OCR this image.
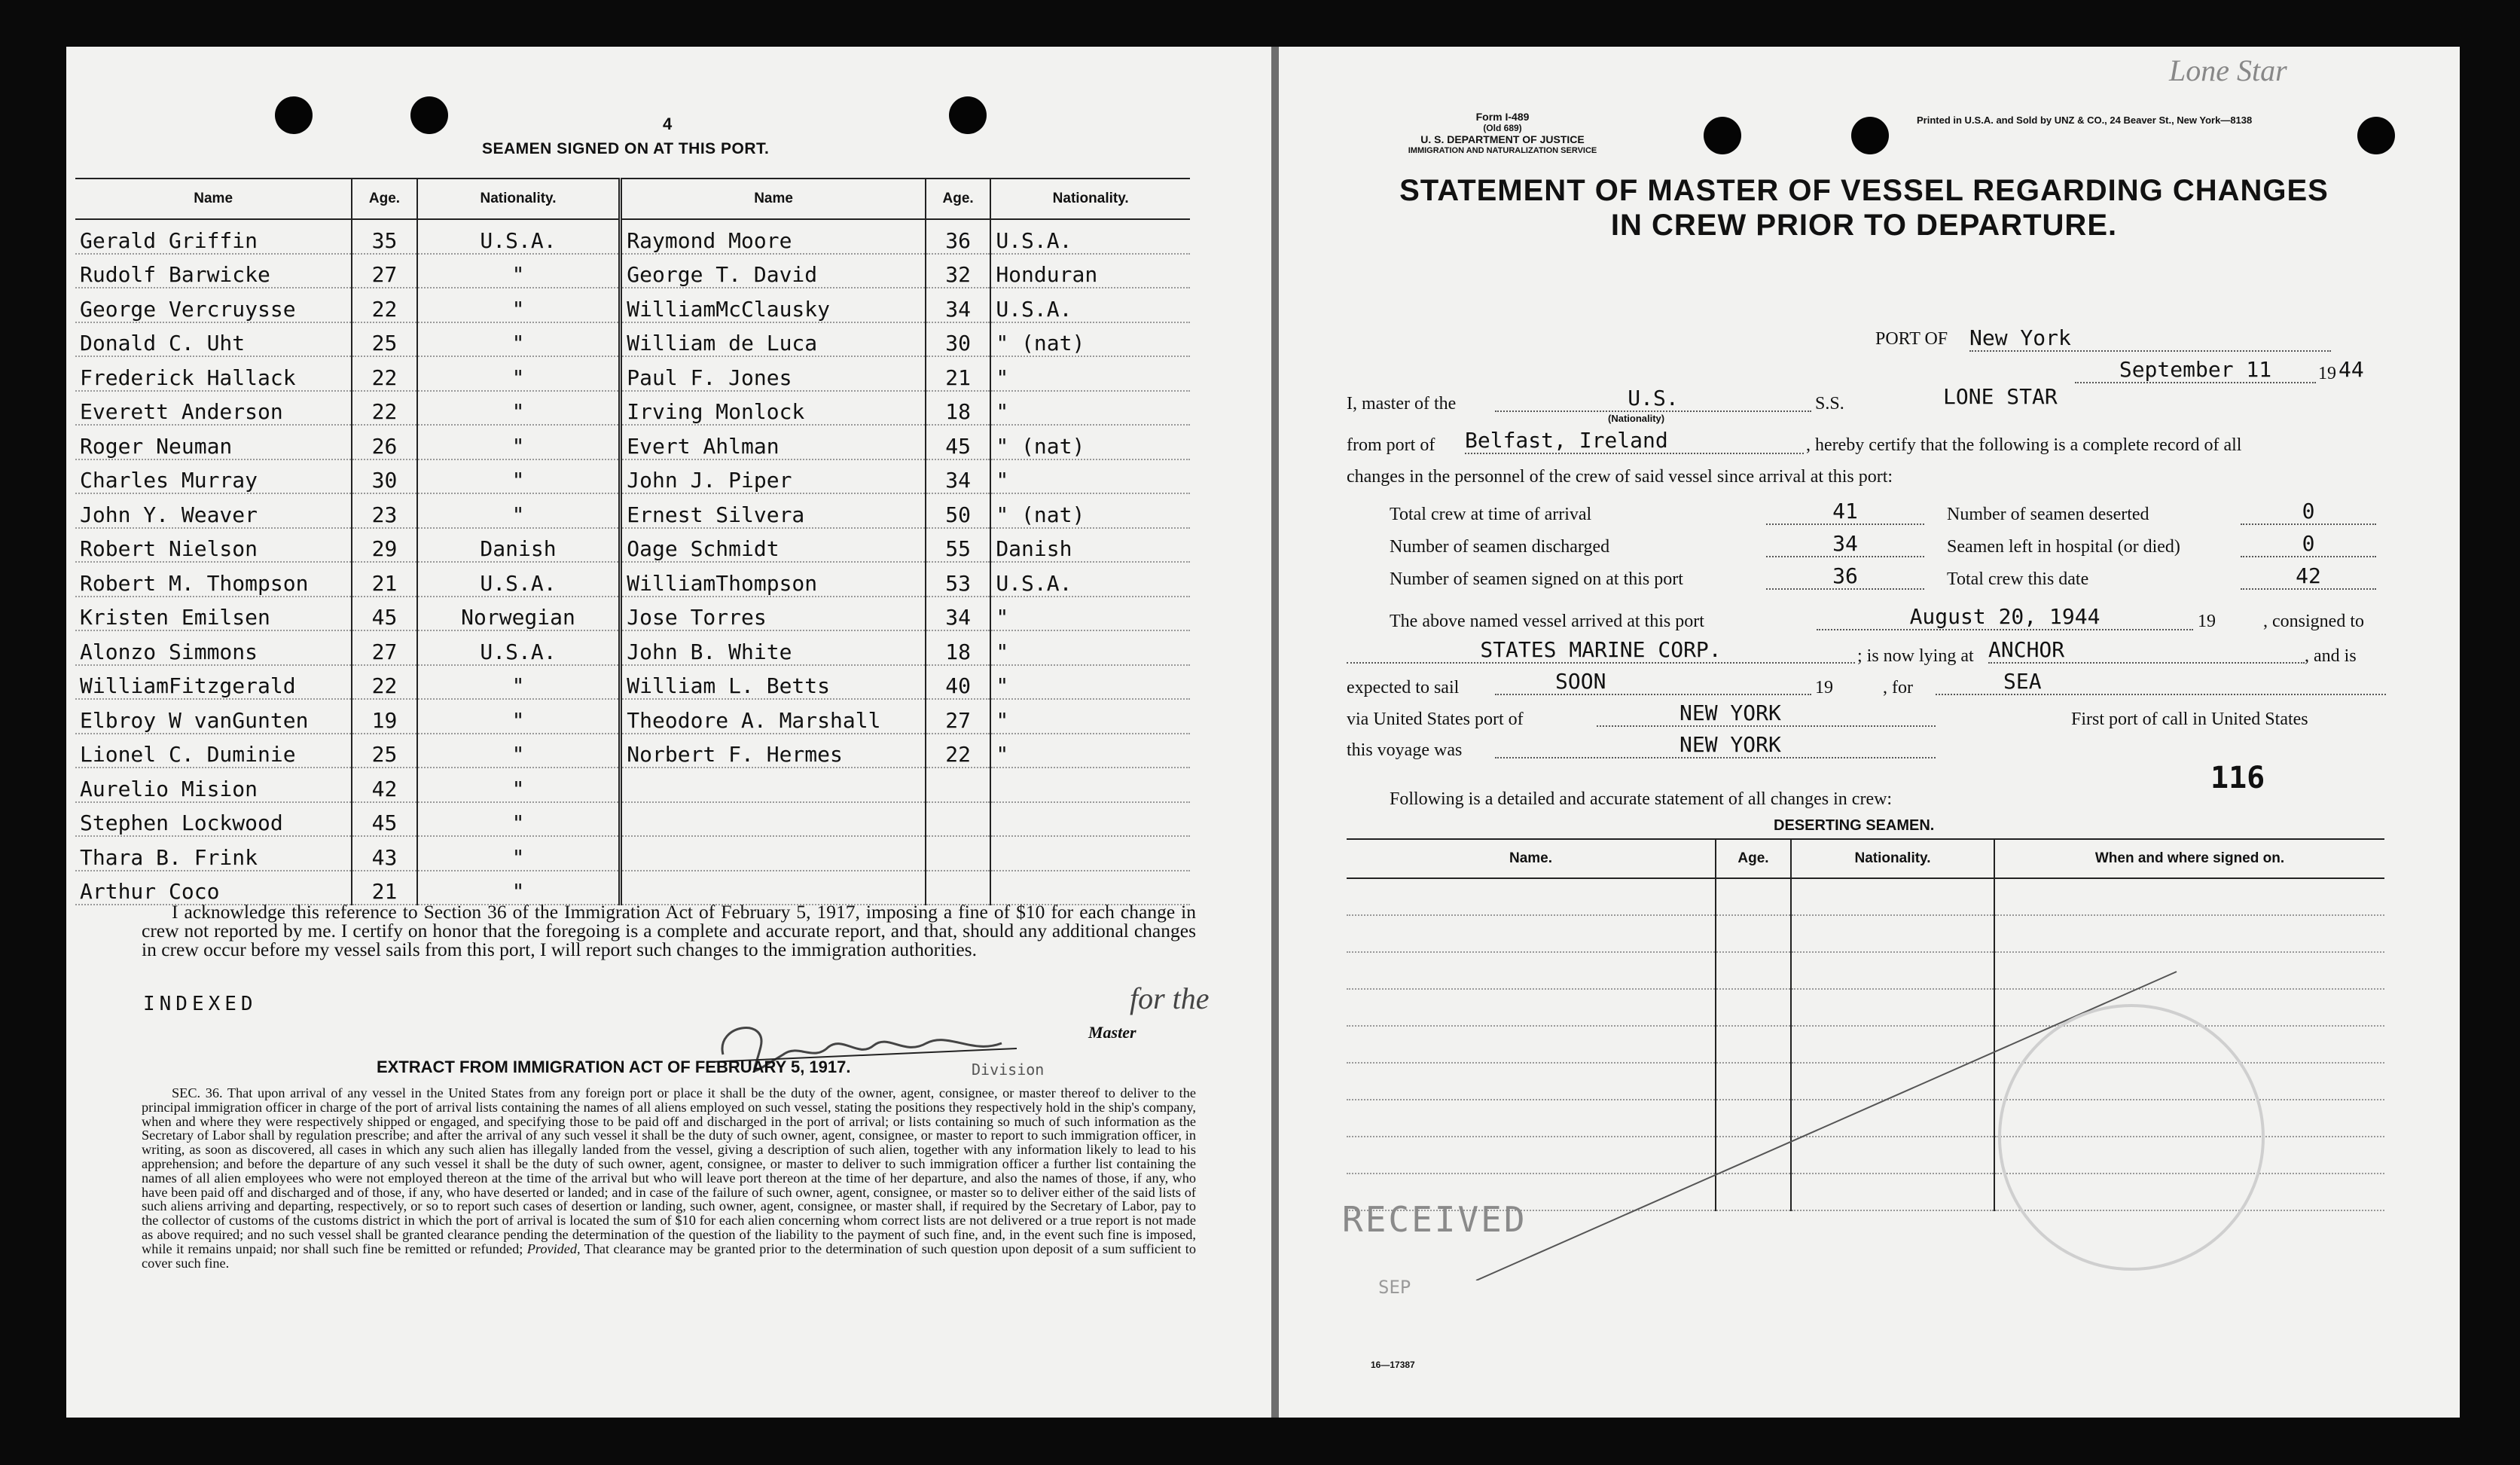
4
SEAMEN SIGNED ON AT THIS PORT.
Name	Age.	Nationality.	Name	Age.	Nationality.
Gerald Griffin	35	U.S.A.	Raymond Moore	36	U.S.A.
Rudolf Barwicke	27	"	George T. David	32	Honduran
George Vercruysse	22	"	WilliamMcClausky	34	U.S.A.
Donald C. Uht	25	"	William de Luca	30	" (nat)
Frederick Hallack	22	"	Paul F. Jones	21	"
Everett Anderson	22	"	Irving Monlock	18	"
Roger Neuman	26	"	Evert Ahlman	45	" (nat)
Charles Murray	30	"	John J. Piper	34	"
John Y. Weaver	23	"	Ernest Silvera	50	" (nat)
Robert Nielson	29	Danish	Oage Schmidt	55	Danish
Robert M. Thompson	21	U.S.A.	WilliamThompson	53	U.S.A.
Kristen Emilsen	45	Norwegian	Jose Torres	34	"
Alonzo Simmons	27	U.S.A.	John B. White	18	"
WilliamFitzgerald	22	"	William L. Betts	40	"
Elbroy W vanGunten	19	"	Theodore A. Marshall	27	"
Lionel C. Duminie	25	"	Norbert F. Hermes	22	"
Aurelio Mision	42	"			
Stephen Lockwood	45	"			
Thara B. Frink	43	"			
Arthur Coco	21	"			
I acknowledge this reference to Section 36 of the Immigration Act of February 5, 1917, imposing a fine of $10 for each change in crew not reported by me. I certify on honor that the foregoing is a complete and accurate report, and that, should any additional changes in crew occur before my vessel sails from this port, I will report such changes to the immigration authorities.
INDEXED	for the
Master
EXTRACT FROM IMMIGRATION ACT OF FEBRUARY 5, 1917.	Division
SEC. 36. That upon arrival of any vessel in the United States from any foreign port or place it shall be the duty of the owner, agent, consignee, or master thereof to deliver to the principal immigration officer in charge of the port of arrival lists containing the names of all aliens employed on such vessel, stating the positions they respectively hold in the ship's company, when and where they were respectively shipped or engaged, and specifying those to be paid off and discharged in the port of arrival; or lists containing so much of such information as the Secretary of Labor shall by regulation prescribe; and after the arrival of any such vessel it shall be the duty of such owner, agent, consignee, or master to report to such immigration officer, in writing, as soon as discovered, all cases in which any such alien has illegally landed from the vessel, giving a description of such alien, together with any information likely to lead to his apprehension; and before the departure of any such vessel it shall be the duty of such owner, agent, consignee, or master to deliver to such immigration officer a further list containing the names of all alien employees who were not employed thereon at the time of the arrival but who will leave port thereon at the time of her departure, and also the names of those, if any, who have been paid off and discharged and of those, if any, who have deserted or landed; and in case of the failure of such owner, agent, consignee, or master so to deliver either of the said lists of such aliens arriving and departing, respectively, or so to report such cases of desertion or landing, such owner, agent, consignee, or master shall, if required by the Secretary of Labor, pay to the collector of customs of the customs district in which the port of arrival is located the sum of $10 for each alien concerning whom correct lists are not delivered or a true report is not made as above required; and no such vessel shall be granted clearance pending the determination of the question of the liability to the payment of such fine, and, in the event such fine is imposed, while it remains unpaid; nor shall such fine be remitted or refunded; Provided, That clearance may be granted prior to the determination of such question upon deposit of a sum sufficient to cover such fine.
Form I-489
(Old 689)
U. S. DEPARTMENT OF JUSTICE
IMMIGRATION AND NATURALIZATION SERVICE
Printed in U.S.A. and Sold by UNZ & CO., 24 Beaver St., New York—8138
Lone Star
STATEMENT OF MASTER OF VESSEL REGARDING CHANGES
IN CREW PRIOR TO DEPARTURE.
PORT OF New York
September 11	19 44
I, master of the	U.S.
(Nationality)
S.S.	LONE STAR
from port of Belfast, Ireland	, hereby certify that the following is a complete record of all
changes in the personnel of the crew of said vessel since arrival at this port:
Total crew at time of arrival	41
Number of seamen discharged	34
Number of seamen signed on at this port	36
Number of seamen deserted	0
Seamen left in hospital (or died)	0
Total crew this date	42
The above named vessel arrived at this port	August 20, 1944	19	, consigned to
STATES MARINE CORP.	; is now lying at ANCHOR	, and is
expected to sail	SOON	19	, for	SEA
via United States port of	NEW YORK	First port of call in United States
this voyage was	NEW YORK
116
Following is a detailed and accurate statement of all changes in crew:
DESERTING SEAMEN.
Name.	Age.	Nationality.	When and where signed on.

RECEIVED
SEP
16—17387
